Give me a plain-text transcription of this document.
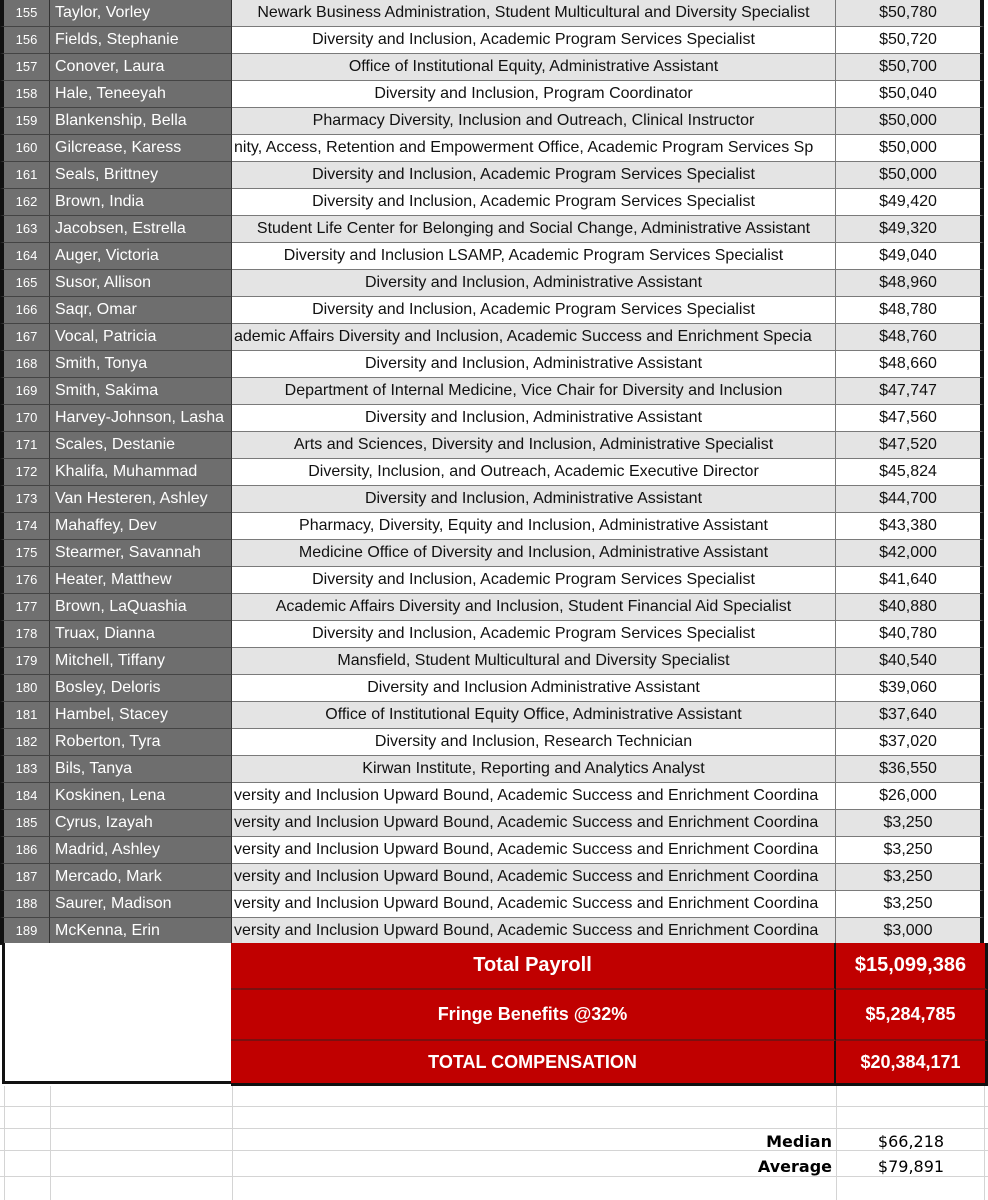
155	Taylor, Vorley	Newark Business Administration, Student Multicultural and Diversity Specialist	$50,780
156	Fields, Stephanie	Diversity and Inclusion, Academic Program Services Specialist	$50,720
157	Conover, Laura	Office of Institutional Equity, Administrative Assistant	$50,700
158	Hale, Teneeyah	Diversity and Inclusion, Program Coordinator	$50,040
159	Blankenship, Bella	Pharmacy Diversity, Inclusion and Outreach, Clinical Instructor	$50,000
160	Gilcrease, Karess	nity, Access, Retention and Empowerment Office, Academic Program Services Sp	$50,000
161	Seals, Brittney	Diversity and Inclusion, Academic Program Services Specialist	$50,000
162	Brown, India	Diversity and Inclusion, Academic Program Services Specialist	$49,420
163	Jacobsen, Estrella	Student Life Center for Belonging and Social Change, Administrative Assistant	$49,320
164	Auger, Victoria	Diversity and Inclusion LSAMP, Academic Program Services Specialist	$49,040
165	Susor, Allison	Diversity and Inclusion, Administrative Assistant	$48,960
166	Saqr, Omar	Diversity and Inclusion, Academic Program Services Specialist	$48,780
167	Vocal, Patricia	ademic Affairs Diversity and Inclusion, Academic Success and Enrichment Specia	$48,760
168	Smith, Tonya	Diversity and Inclusion, Administrative Assistant	$48,660
169	Smith, Sakima	Department of Internal Medicine, Vice Chair for Diversity and Inclusion	$47,747
170	Harvey-Johnson, Lasha	Diversity and Inclusion, Administrative Assistant	$47,560
171	Scales, Destanie	Arts and Sciences, Diversity and Inclusion, Administrative Specialist	$47,520
172	Khalifa, Muhammad	Diversity, Inclusion, and Outreach, Academic Executive Director	$45,824
173	Van Hesteren, Ashley	Diversity and Inclusion, Administrative Assistant	$44,700
174	Mahaffey, Dev	Pharmacy, Diversity, Equity and Inclusion, Administrative Assistant	$43,380
175	Stearmer, Savannah	Medicine Office of Diversity and Inclusion, Administrative Assistant	$42,000
176	Heater, Matthew	Diversity and Inclusion, Academic Program Services Specialist	$41,640
177	Brown, LaQuashia	Academic Affairs Diversity and Inclusion, Student Financial Aid Specialist	$40,880
178	Truax, Dianna	Diversity and Inclusion, Academic Program Services Specialist	$40,780
179	Mitchell, Tiffany	Mansfield, Student Multicultural and Diversity Specialist	$40,540
180	Bosley, Deloris	Diversity and Inclusion Administrative Assistant	$39,060
181	Hambel, Stacey	Office of Institutional Equity Office, Administrative Assistant	$37,640
182	Roberton, Tyra	Diversity and Inclusion, Research Technician	$37,020
183	Bils, Tanya	Kirwan Institute, Reporting and Analytics Analyst	$36,550
184	Koskinen, Lena	versity and Inclusion Upward Bound, Academic Success and Enrichment Coordina	$26,000
185	Cyrus, Izayah	versity and Inclusion Upward Bound, Academic Success and Enrichment Coordina	$3,250
186	Madrid, Ashley	versity and Inclusion Upward Bound, Academic Success and Enrichment Coordina	$3,250
187	Mercado, Mark	versity and Inclusion Upward Bound, Academic Success and Enrichment Coordina	$3,250
188	Saurer, Madison	versity and Inclusion Upward Bound, Academic Success and Enrichment Coordina	$3,250
189	McKenna, Erin	versity and Inclusion Upward Bound, Academic Success and Enrichment Coordina	$3,000
Total Payroll	$15,099,386
Fringe Benefits @32%	$5,284,785
TOTAL COMPENSATION	$20,384,171
Median	$66,218
Average	$79,891
